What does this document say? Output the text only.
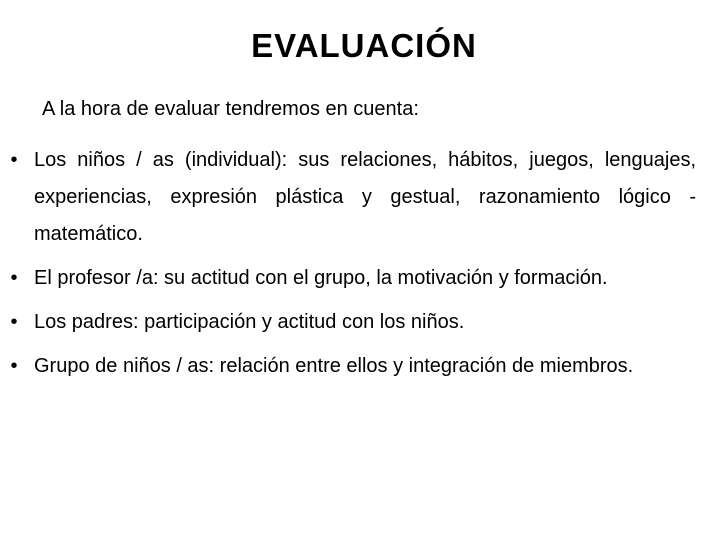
EVALUACIÓN
A la hora de evaluar tendremos en cuenta:
• Los niños / as (individual): sus relaciones, hábitos, juegos, lenguajes, experiencias, expresión plástica y gestual, razonamiento lógico - matemático.
• El profesor /a: su actitud con el grupo, la motivación y formación.
• Los padres: participación y actitud con los niños.
• Grupo de niños / as: relación entre ellos y integración de miembros.
